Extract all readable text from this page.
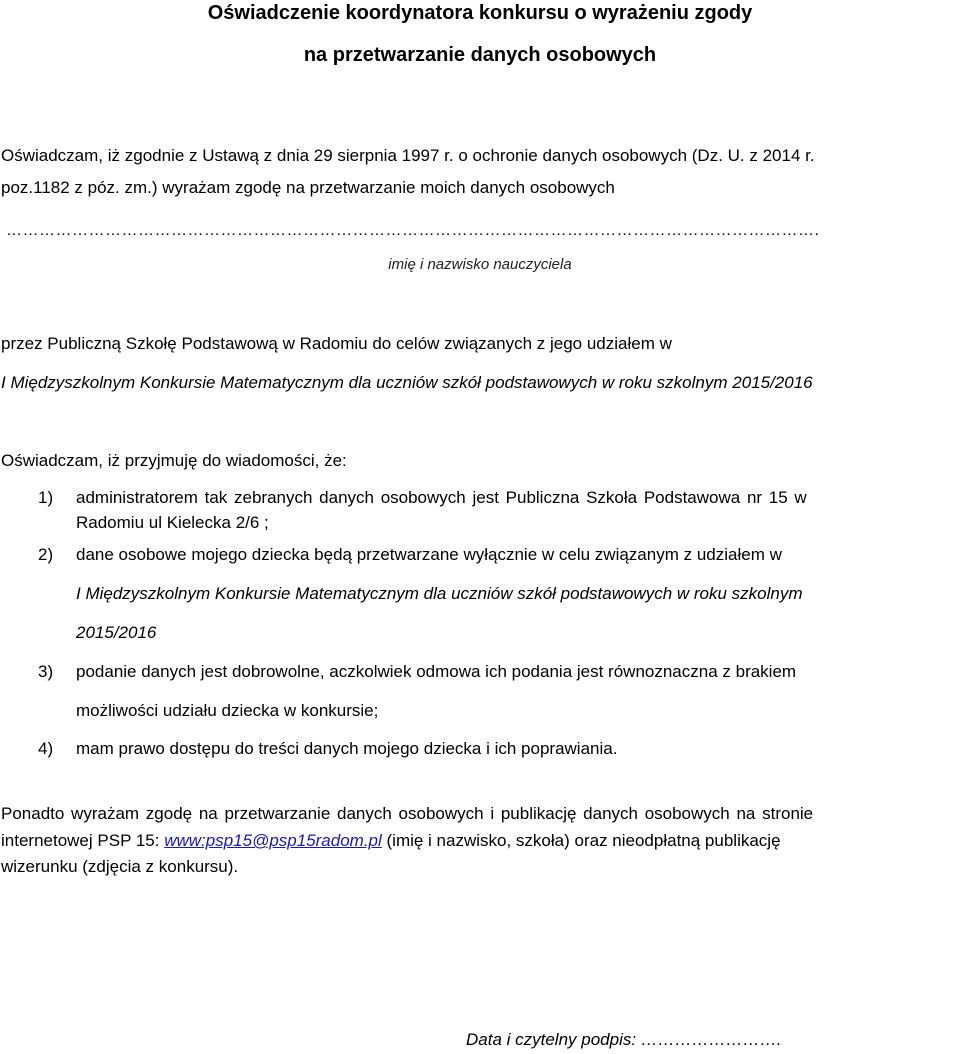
Oświadczenie koordynatora konkursu o wyrażeniu zgody
na przetwarzanie danych osobowych
Oświadczam, iż zgodnie z Ustawą z dnia 29 sierpnia 1997 r. o ochronie danych osobowych (Dz. U. z 2014 r.
poz.1182 z póz. zm.) wyrażam zgodę na przetwarzanie moich danych osobowych
………………………………………………………………………………………………………………………………….
imię i nazwisko nauczyciela
przez Publiczną Szkołę Podstawową w Radomiu do celów związanych z jego udziałem w
I Międzyszkolnym Konkursie Matematycznym dla uczniów szkół podstawowych w roku szkolnym 2015/2016
Oświadczam, iż przyjmuję do wiadomości, że:
1) administratorem tak zebranych danych osobowych jest Publiczna Szkoła Podstawowa nr 15 w
Radomiu ul Kielecka 2/6 ;
2) dane osobowe mojego dziecka będą przetwarzane wyłącznie w celu związanym z udziałem w
I Międzyszkolnym Konkursie Matematycznym dla uczniów szkół podstawowych w roku szkolnym
2015/2016
3) podanie danych jest dobrowolne, aczkolwiek odmowa ich podania jest równoznaczna z brakiem
możliwości udziału dziecka w konkursie;
4) mam prawo dostępu do treści danych mojego dziecka i ich poprawiania.
Ponadto wyrażam zgodę na przetwarzanie danych osobowych i publikację danych osobowych na stronie
internetowej PSP 15: www:psp15@psp15radom.pl (imię i nazwisko, szkoła) oraz nieodpłatną publikację
wizerunku (zdjęcia z konkursu).
Data i czytelny podpis: …………………….
